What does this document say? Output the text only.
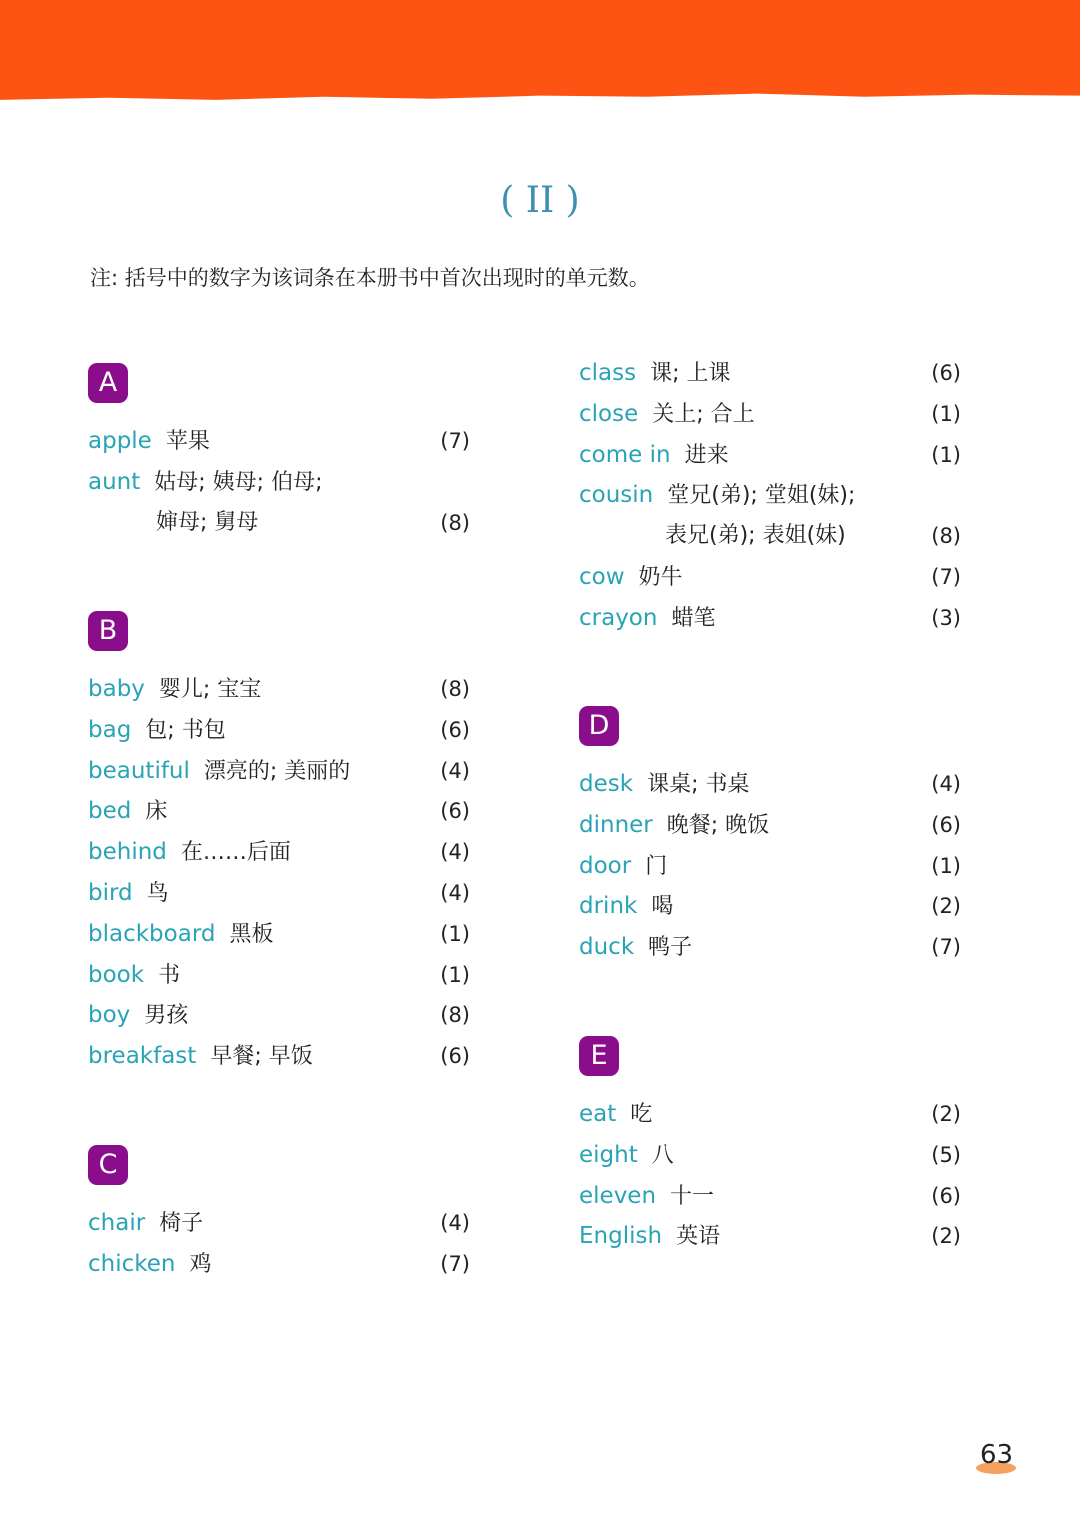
( II )
注: 括号中的数字为该词条在本册书中首次出现时的单元数。
A
apple 苹果	(7)
aunt 姑母; 姨母; 伯母;
婶母; 舅母	(8)
B
baby 婴儿; 宝宝	(8)
bag 包; 书包	(6)
beautiful 漂亮的; 美丽的	(4)
bed 床	(6)
behind 在……后面	(4)
bird 鸟	(4)
blackboard 黑板	(1)
book 书	(1)
boy 男孩	(8)
breakfast 早餐; 早饭	(6)
C
chair 椅子	(4)
chicken 鸡	(7)
class 课; 上课	(6)
close 关上; 合上	(1)
come in 进来	(1)
cousin 堂兄(弟); 堂姐(妹);
表兄(弟); 表姐(妹)	(8)
cow 奶牛	(7)
crayon 蜡笔	(3)
D
desk 课桌; 书桌	(4)
dinner 晚餐; 晚饭	(6)
door 门	(1)
drink 喝	(2)
duck 鸭子	(7)
E
eat 吃	(2)
eight 八	(5)
eleven 十一	(6)
English 英语	(2)
63
